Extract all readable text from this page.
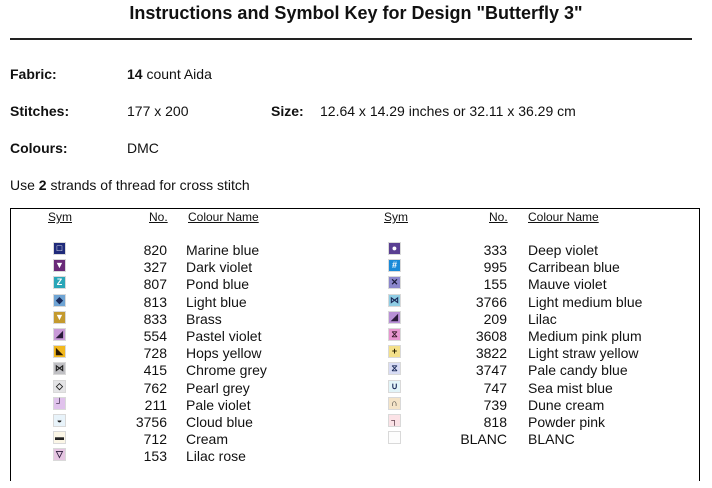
Instructions and Symbol Key for Design "Butterfly 3"
Fabric:	14 count Aida
Stitches:	177 x 200	Size: 12.64 x 14.29 inches or 32.11 x 36.29 cm
Colours:	DMC
Use 2 strands of thread for cross stitch
Sym	No. Colour Name	Sym	No. Colour Name
□	820 Marine blue
▼	327 Dark violet
Z	807 Pond blue
◆	813 Light blue
▼	833 Brass
◢	554 Pastel violet
◣	728 Hops yellow
⋈	415 Chrome grey
◇	762 Pearl grey
┘	211 Pale violet
◒	3756 Cloud blue
▬	712 Cream
▽	153 Lilac rose
●	333 Deep violet
#	995 Carribean blue
✕	155 Mauve violet
⋈	3766 Light medium blue
◢	209 Lilac
⧖	3608 Medium pink plum
+	3822 Light straw yellow
⧖	3747 Pale candy blue
∪	747 Sea mist blue
∩	739 Dune cream
┐	818 Powder pink
BLANC BLANC
